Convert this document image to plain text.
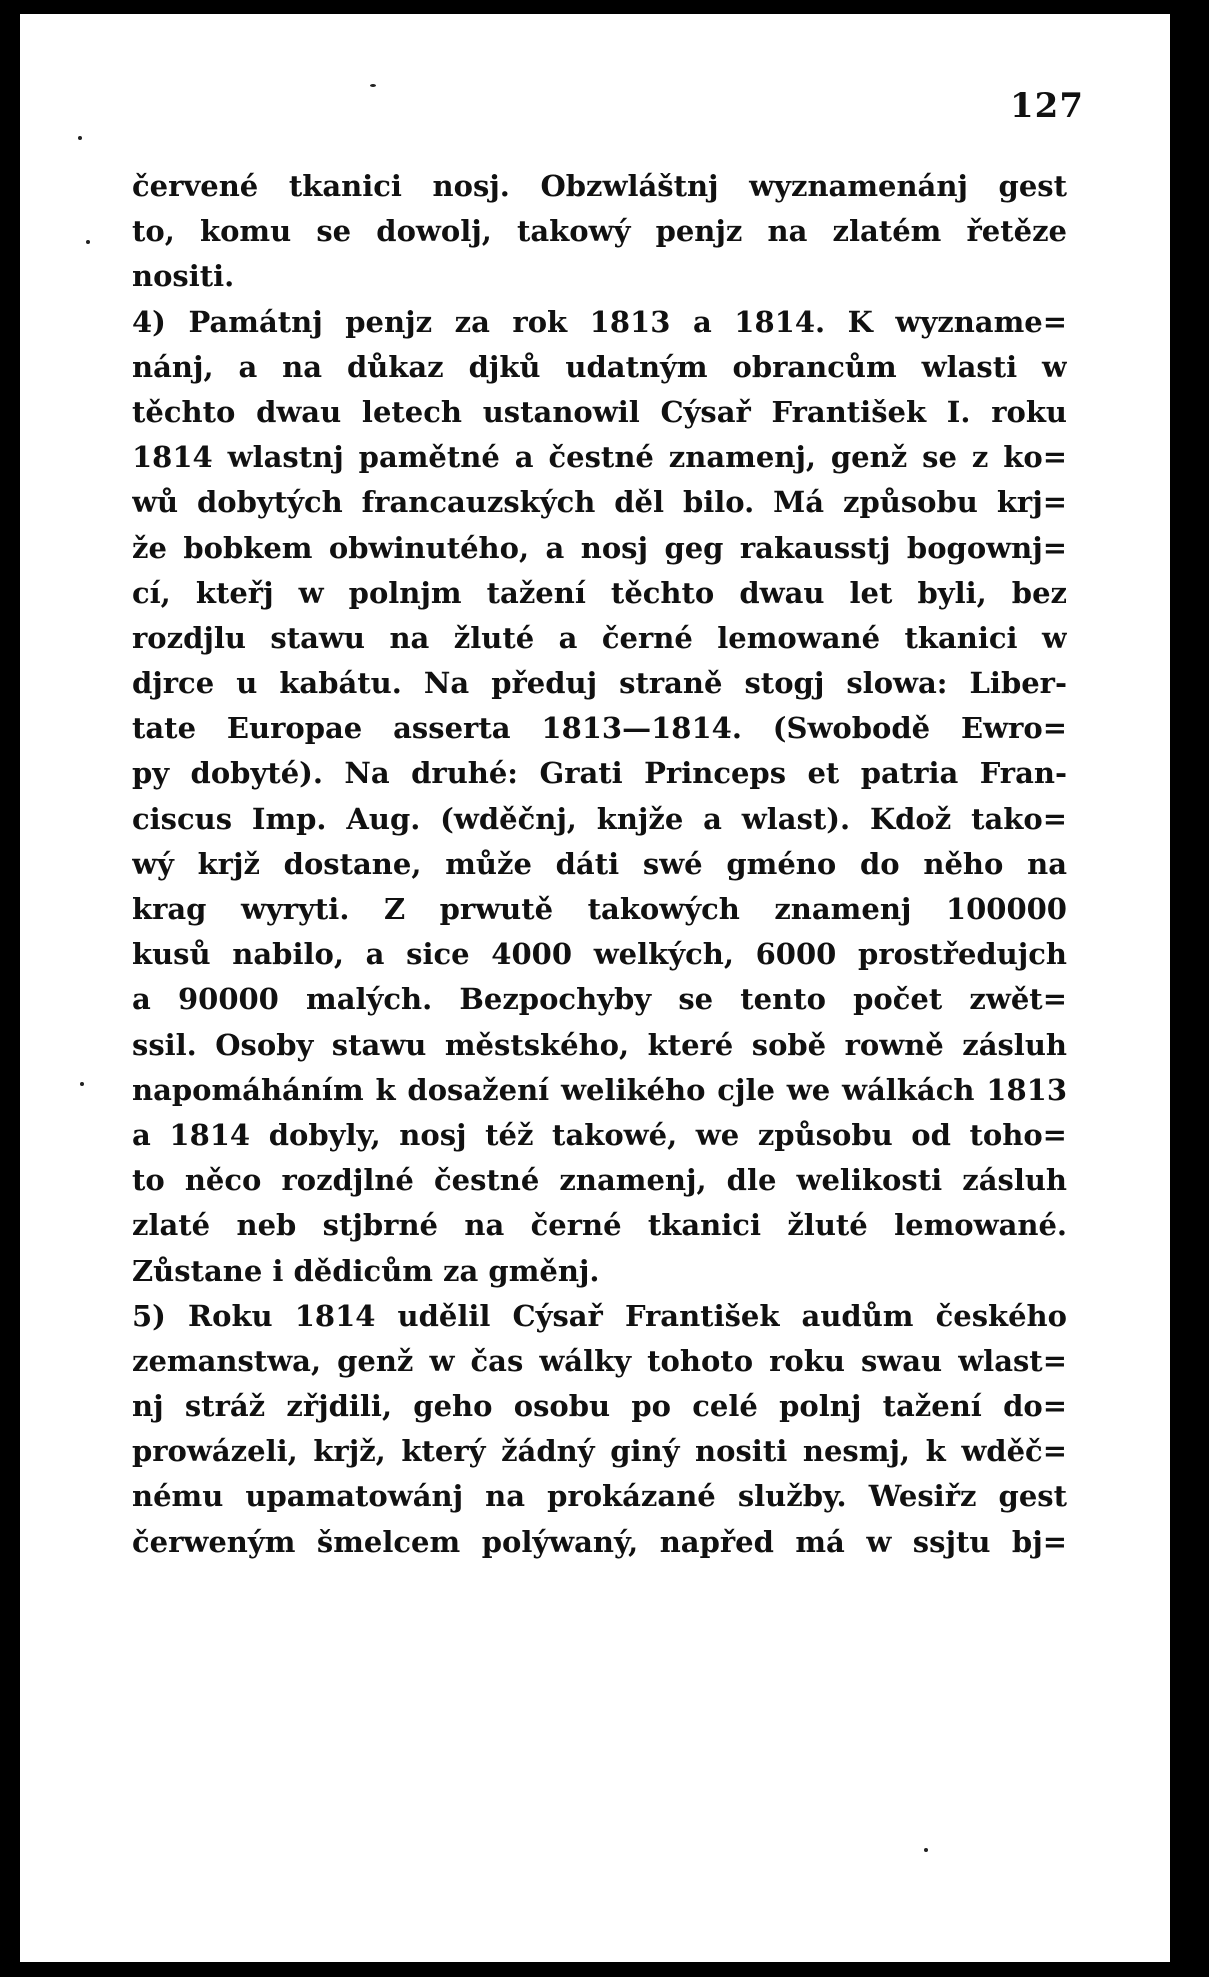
127
červené tkanici nosj. Obzwláštnj wyznamenánj gest
to, komu se dowolj, takowý penjz na zlatém řetěze
nositi.
4) Památnj penjz za rok 1813 a 1814. K wyzname=
nánj, a na důkaz djků udatným obrancům wlasti w
těchto dwau letech ustanowil Cýsař František I. roku
1814 wlastnj pamětné a čestné znamenj, genž se z ko=
wů dobytých francauzských děl bilo. Má způsobu krj=
že bobkem obwinutého, a nosj geg rakausstj bogownj=
cí, kteřj w polnjm tažení těchto dwau let byli, bez
rozdjlu stawu na žluté a černé lemowané tkanici w
djrce u kabátu. Na předuj straně stogj slowa: Liber-
tate Europae asserta 1813—1814. (Swobodě Ewro=
py dobyté). Na druhé: Grati Princeps et patria Fran-
ciscus Imp. Aug. (wděčnj, knjže a wlast). Kdož tako=
wý krjž dostane, může dáti swé gméno do něho na
krag wyryti. Z prwutě takowých znamenj 100000
kusů nabilo, a sice 4000 welkých, 6000 prostředujch
a 90000 malých. Bezpochyby se tento počet zwět=
ssil. Osoby stawu městského, které sobě rowně zásluh
napomáháním k dosažení welikého cjle we wálkách 1813
a 1814 dobyly, nosj též takowé, we způsobu od toho=
to něco rozdjlné čestné znamenj, dle welikosti zásluh
zlaté neb stjbrné na černé tkanici žluté lemowané.
Zůstane i dědicům za gměnj.
5) Roku 1814 udělil Cýsař František audům českého
zemanstwa, genž w čas wálky tohoto roku swau wlast=
nj stráž zřjdili, geho osobu po celé polnj tažení do=
prowázeli, krjž, který žádný giný nositi nesmj, k wděč=
nému upamatowánj na prokázané služby. Wesiřz gest
čerweným šmelcem polýwaný, napřed má w ssjtu bj=
